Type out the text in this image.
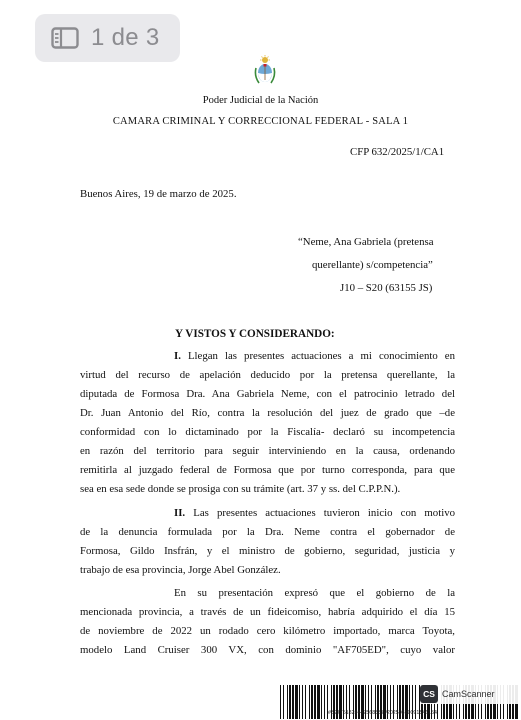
1 de 3
Poder Judicial de la Nación
CAMARA CRIMINAL Y CORRECCIONAL FEDERAL - SALA 1
CFP 632/2025/1/CA1
Buenos Aires, 19 de marzo de 2025.
“Neme, Ana Gabriela (pretensa
querellante) s/competencia”
J10 – S20 (63155 JS)
Y VISTOS Y CONSIDERANDO:
I. Llegan las presentes actuaciones a mi conocimiento en
virtud del recurso de apelación deducido por la pretensa querellante, la
diputada de Formosa Dra. Ana Gabriela Neme, con el patrocinio letrado del
Dr. Juan Antonio del Río, contra la resolución del juez de grado que –de
conformidad con lo dictaminado por la Fiscalía- declaró su incompetencia
en razón del territorio para seguir interviniendo en la causa, ordenando
remitirla al juzgado federal de Formosa que por turno corresponda, para que
sea en esa sede donde se prosiga con su trámite (art. 37 y ss. del C.P.P.N.).
II. Las presentes actuaciones tuvieron inicio con motivo
de la denuncia formulada por la Dra. Neme contra el gobernador de
Formosa, Gildo Insfrán, y el ministro de gobierno, seguridad, justicia y
trabajo de esa provincia, Jorge Abel González.
En su presentación expresó que el gobierno de la
mencionada provincia, a través de un fideicomiso, habría adquirido el día 15
de noviembre de 2022 un rodado cero kilómetro importado, marca Toyota,
modelo Land Cruiser 300 VX, con dominio "AF705ED", cuyo valor
CS CamScanner
#39775182#447568387#20250319091546154
